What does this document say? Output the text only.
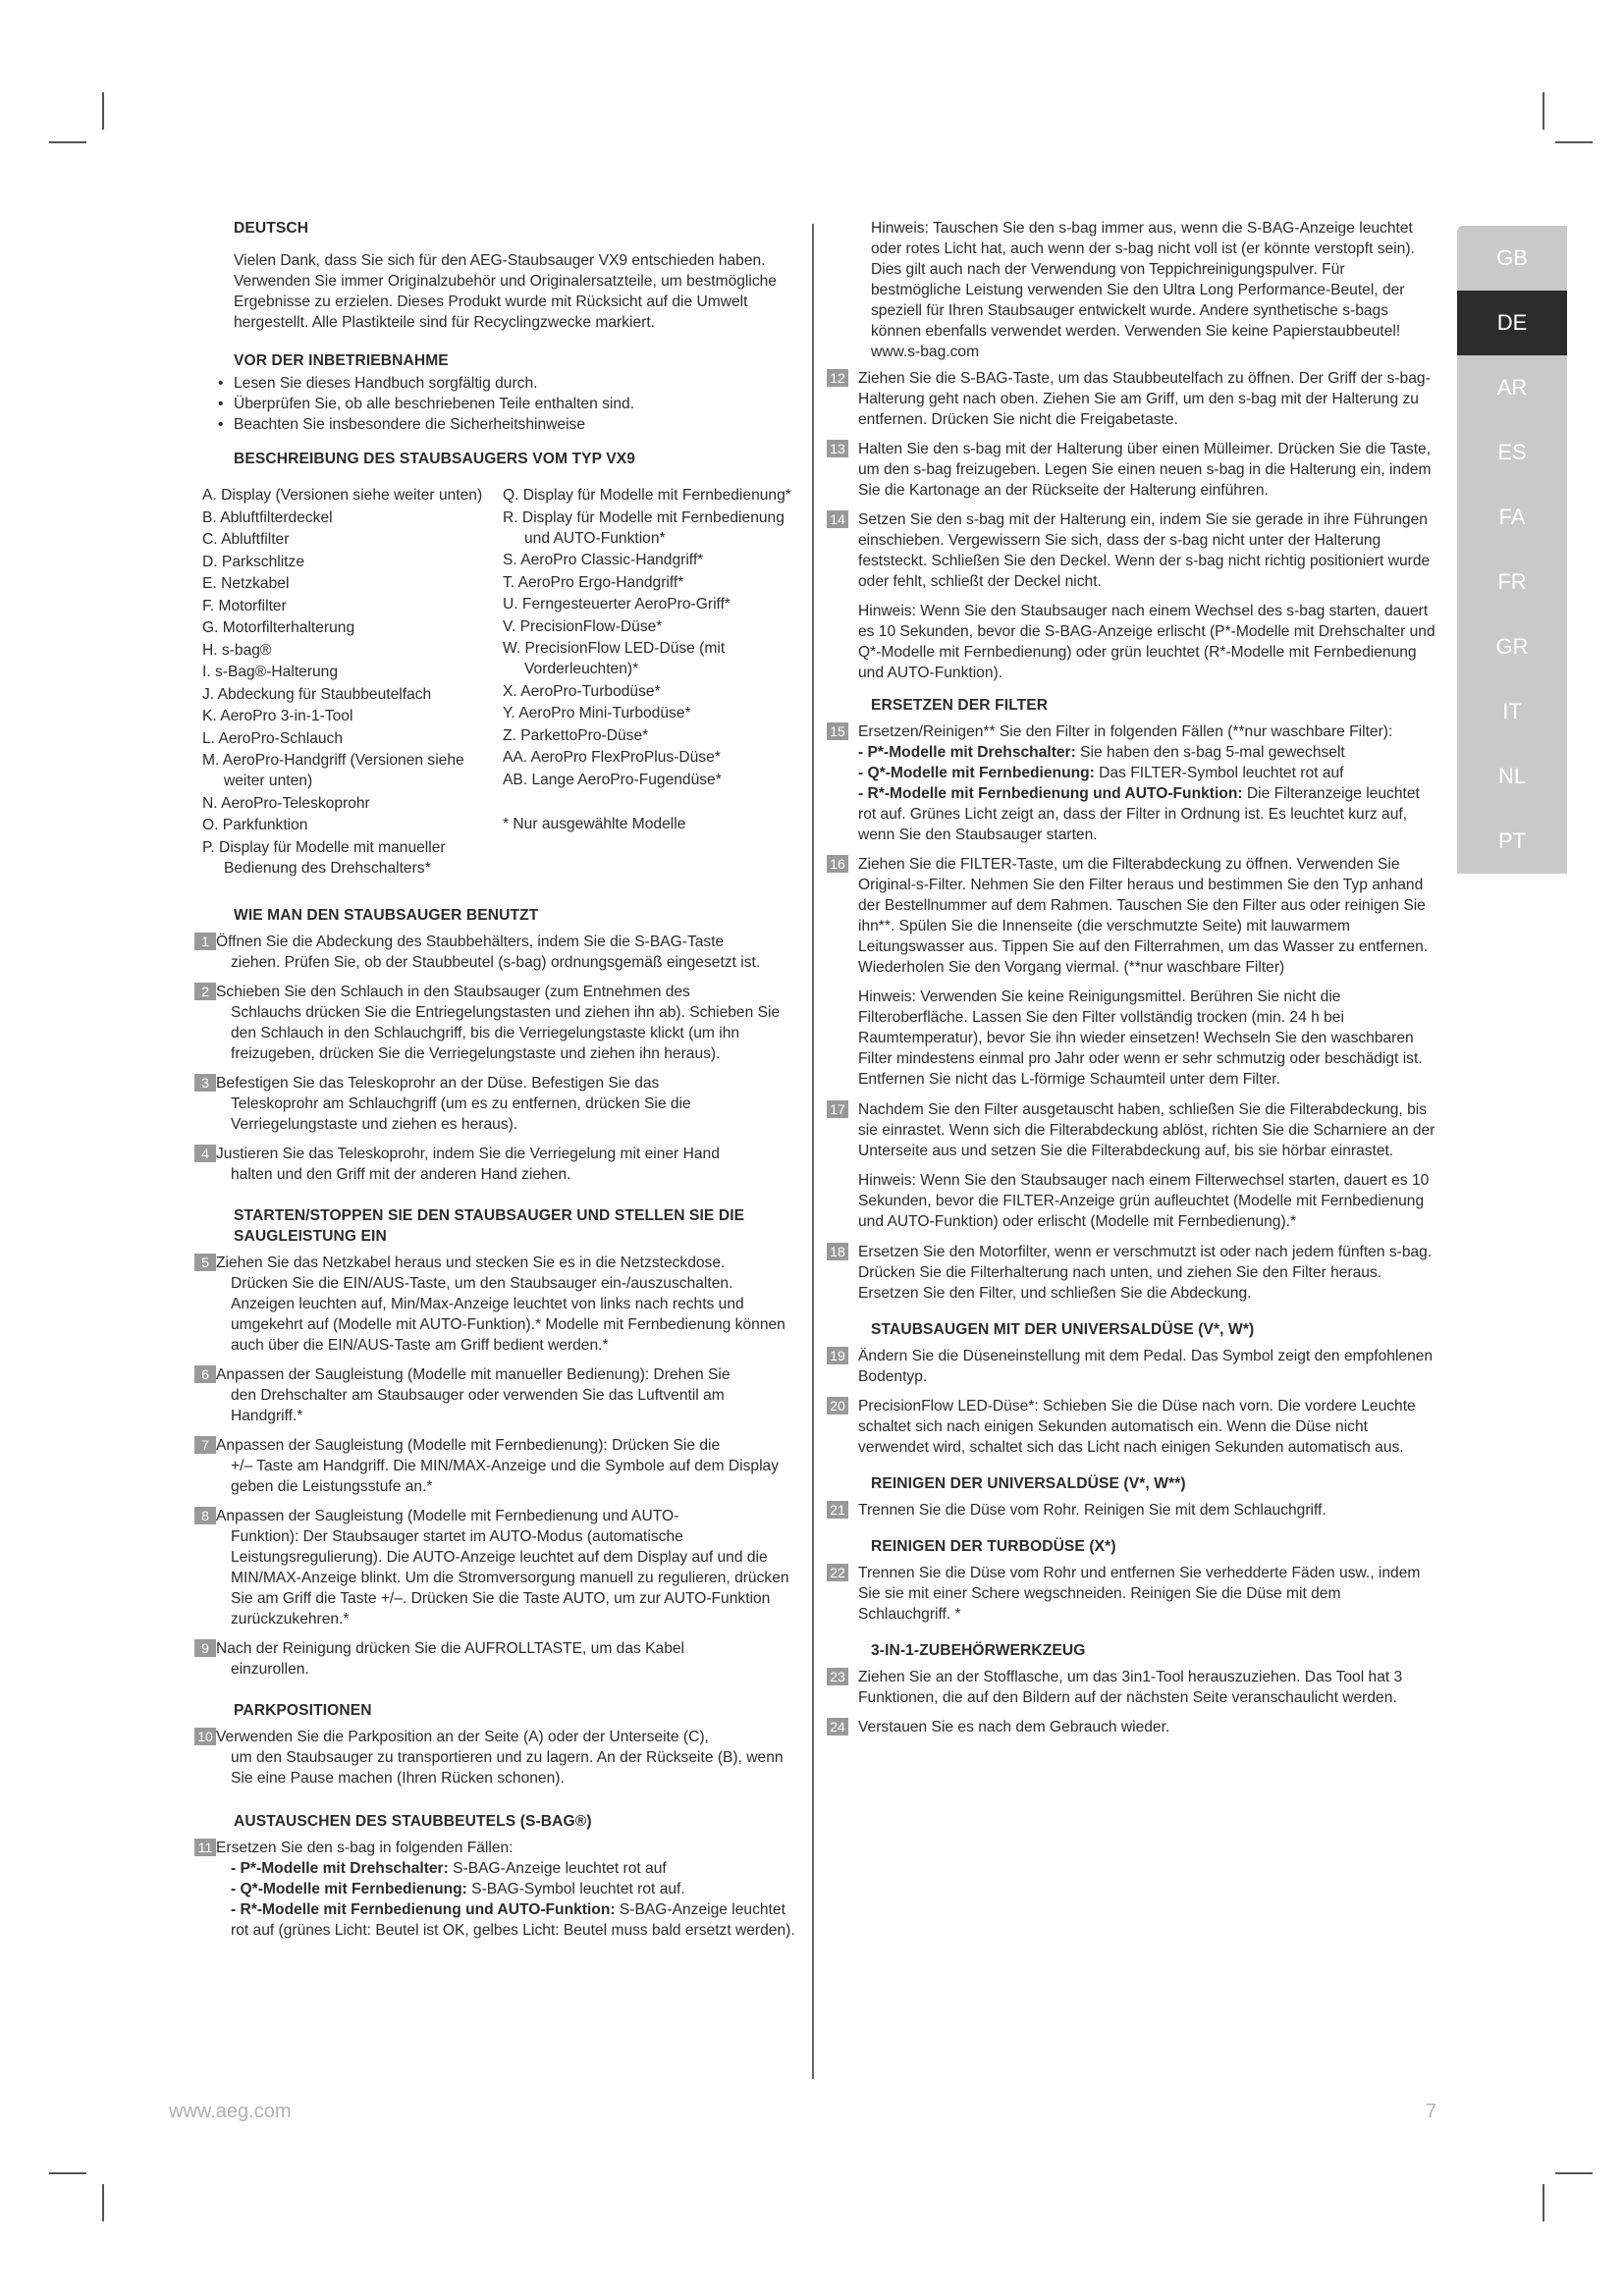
DEUTSCH
Vielen Dank, dass Sie sich für den AEG-Staubsauger VX9 entschieden haben. Verwenden Sie immer Originalzubehör und Originalersatzteile, um bestmögliche Ergebnisse zu erzielen. Dieses Produkt wurde mit Rücksicht auf die Umwelt hergestellt. Alle Plastikteile sind für Recyclingzwecke markiert.
VOR DER INBETRIEBNAHME
• Lesen Sie dieses Handbuch sorgfältig durch.
• Überprüfen Sie, ob alle beschriebenen Teile enthalten sind.
• Beachten Sie insbesondere die Sicherheitshinweise
BESCHREIBUNG DES STAUBSAUGERS VOM TYP VX9
A. Display (Versionen siehe weiter unten)
B. Abluftfilterdeckel
C. Abluftfilter
D. Parkschlitze
E. Netzkabel
F. Motorfilter
G. Motorfilterhalterung
H. s-bag®
I. s-Bag®-Halterung
J. Abdeckung für Staubbeutelfach
K. AeroPro 3-in-1-Tool
L. AeroPro-Schlauch
M. AeroPro-Handgriff (Versionen siehe weiter unten)
N. AeroPro-Teleskoprohr
O. Parkfunktion
P. Display für Modelle mit manueller Bedienung des Drehschalters*
Q. Display für Modelle mit Fernbedienung*
R. Display für Modelle mit Fernbedienung und AUTO-Funktion*
S. AeroPro Classic-Handgriff*
T. AeroPro Ergo-Handgriff*
U. Ferngesteuerter AeroPro-Griff*
V. PrecisionFlow-Düse*
W. PrecisionFlow LED-Düse (mit Vorderleuchten)*
X. AeroPro-Turbodüse*
Y. AeroPro Mini-Turbodüse*
Z. ParkettoPro-Düse*
AA. AeroPro FlexProPlus-Düse*
AB. Lange AeroPro-Fugendüse*
* Nur ausgewählte Modelle
WIE MAN DEN STAUBSAUGER BENUTZT
1 Öffnen Sie die Abdeckung des Staubbehälters, indem Sie die S-BAG-Taste
ziehen. Prüfen Sie, ob der Staubbeutel (s-bag) ordnungsgemäß eingesetzt ist.
2 Schieben Sie den Schlauch in den Staubsauger (zum Entnehmen des
Schlauchs drücken Sie die Entriegelungstasten und ziehen ihn ab). Schieben Sie den Schlauch in den Schlauchgriff, bis die Verriegelungstaste klickt (um ihn freizugeben, drücken Sie die Verriegelungstaste und ziehen ihn heraus).
3 Befestigen Sie das Teleskoprohr an der Düse. Befestigen Sie das
Teleskoprohr am Schlauchgriff (um es zu entfernen, drücken Sie die Verriegelungstaste und ziehen es heraus).
4 Justieren Sie das Teleskoprohr, indem Sie die Verriegelung mit einer Hand
halten und den Griff mit der anderen Hand ziehen.
STARTEN/STOPPEN SIE DEN STAUBSAUGER UND STELLEN SIE DIE SAUGLEISTUNG EIN
5 Ziehen Sie das Netzkabel heraus und stecken Sie es in die Netzsteckdose.
Drücken Sie die EIN/AUS-Taste, um den Staubsauger ein-/auszuschalten. Anzeigen leuchten auf, Min/Max-Anzeige leuchtet von links nach rechts und umgekehrt auf (Modelle mit AUTO-Funktion).* Modelle mit Fernbedienung können auch über die EIN/AUS-Taste am Griff bedient werden.*
6 Anpassen der Saugleistung (Modelle mit manueller Bedienung): Drehen Sie
den Drehschalter am Staubsauger oder verwenden Sie das Luftventil am Handgriff.*
7 Anpassen der Saugleistung (Modelle mit Fernbedienung): Drücken Sie die
+/– Taste am Handgriff. Die MIN/MAX-Anzeige und die Symbole auf dem Display geben die Leistungsstufe an.*
8 Anpassen der Saugleistung (Modelle mit Fernbedienung und AUTO-
Funktion): Der Staubsauger startet im AUTO-Modus (automatische Leistungsregulierung). Die AUTO-Anzeige leuchtet auf dem Display auf und die MIN/MAX-Anzeige blinkt. Um die Stromversorgung manuell zu regulieren, drücken Sie am Griff die Taste +/–. Drücken Sie die Taste AUTO, um zur AUTO-Funktion zurückzukehren.*
9 Nach der Reinigung drücken Sie die AUFROLLTASTE, um das Kabel
einzurollen.
PARKPOSITIONEN
10 Verwenden Sie die Parkposition an der Seite (A) oder der Unterseite (C),
um den Staubsauger zu transportieren und zu lagern. An der Rückseite (B), wenn Sie eine Pause machen (Ihren Rücken schonen).
AUSTAUSCHEN DES STAUBBEUTELS (S-BAG®)
11 Ersetzen Sie den s-bag in folgenden Fällen:
- P*-Modelle mit Drehschalter: S-BAG-Anzeige leuchtet rot auf
- Q*-Modelle mit Fernbedienung: S-BAG-Symbol leuchtet rot auf.
- R*-Modelle mit Fernbedienung und AUTO-Funktion: S-BAG-Anzeige leuchtet rot auf (grünes Licht: Beutel ist OK, gelbes Licht: Beutel muss bald ersetzt werden).
Hinweis: Tauschen Sie den s-bag immer aus, wenn die S-BAG-Anzeige leuchtet oder rotes Licht hat, auch wenn der s-bag nicht voll ist (er könnte verstopft sein). Dies gilt auch nach der Verwendung von Teppichreinigungspulver. Für bestmögliche Leistung verwenden Sie den Ultra Long Performance-Beutel, der speziell für Ihren Staubsauger entwickelt wurde. Andere synthetische s-bags können ebenfalls verwendet werden. Verwenden Sie keine Papierstaubbeutel! www.s-bag.com
12 Ziehen Sie die S-BAG-Taste, um das Staubbeutelfach zu öffnen. Der Griff der s-bag-Halterung geht nach oben. Ziehen Sie am Griff, um den s-bag mit der Halterung zu entfernen. Drücken Sie nicht die Freigabetaste.
13 Halten Sie den s-bag mit der Halterung über einen Mülleimer. Drücken Sie die Taste, um den s-bag freizugeben. Legen Sie einen neuen s-bag in die Halterung ein, indem Sie die Kartonage an der Rückseite der Halterung einführen.
14 Setzen Sie den s-bag mit der Halterung ein, indem Sie sie gerade in ihre Führungen einschieben. Vergewissern Sie sich, dass der s-bag nicht unter der Halterung feststeckt. Schließen Sie den Deckel. Wenn der s-bag nicht richtig positioniert wurde oder fehlt, schließt der Deckel nicht.
Hinweis: Wenn Sie den Staubsauger nach einem Wechsel des s-bag starten, dauert es 10 Sekunden, bevor die S-BAG-Anzeige erlischt (P*-Modelle mit Drehschalter und Q*-Modelle mit Fernbedienung) oder grün leuchtet (R*-Modelle mit Fernbedienung und AUTO-Funktion).
ERSETZEN DER FILTER
15 Ersetzen/Reinigen** Sie den Filter in folgenden Fällen (**nur waschbare Filter):
- P*-Modelle mit Drehschalter: Sie haben den s-bag 5-mal gewechselt
- Q*-Modelle mit Fernbedienung: Das FILTER-Symbol leuchtet rot auf
- R*-Modelle mit Fernbedienung und AUTO-Funktion: Die Filteranzeige leuchtet rot auf. Grünes Licht zeigt an, dass der Filter in Ordnung ist. Es leuchtet kurz auf, wenn Sie den Staubsauger starten.
16 Ziehen Sie die FILTER-Taste, um die Filterabdeckung zu öffnen. Verwenden Sie Original-s-Filter. Nehmen Sie den Filter heraus und bestimmen Sie den Typ anhand der Bestellnummer auf dem Rahmen. Tauschen Sie den Filter aus oder reinigen Sie ihn**. Spülen Sie die Innenseite (die verschmutzte Seite) mit lauwarmem Leitungswasser aus. Tippen Sie auf den Filterrahmen, um das Wasser zu entfernen. Wiederholen Sie den Vorgang viermal. (**nur waschbare Filter)
Hinweis: Verwenden Sie keine Reinigungsmittel. Berühren Sie nicht die Filteroberfläche. Lassen Sie den Filter vollständig trocken (min. 24 h bei Raumtemperatur), bevor Sie ihn wieder einsetzen! Wechseln Sie den waschbaren Filter mindestens einmal pro Jahr oder wenn er sehr schmutzig oder beschädigt ist. Entfernen Sie nicht das L-förmige Schaumteil unter dem Filter.
17 Nachdem Sie den Filter ausgetauscht haben, schließen Sie die Filterabdeckung, bis sie einrastet. Wenn sich die Filterabdeckung ablöst, richten Sie die Scharniere an der Unterseite aus und setzen Sie die Filterabdeckung auf, bis sie hörbar einrastet.
Hinweis: Wenn Sie den Staubsauger nach einem Filterwechsel starten, dauert es 10 Sekunden, bevor die FILTER-Anzeige grün aufleuchtet (Modelle mit Fernbedienung und AUTO-Funktion) oder erlischt (Modelle mit Fernbedienung).*
18 Ersetzen Sie den Motorfilter, wenn er verschmutzt ist oder nach jedem fünften s-bag. Drücken Sie die Filterhalterung nach unten, und ziehen Sie den Filter heraus. Ersetzen Sie den Filter, und schließen Sie die Abdeckung.
STAUBSAUGEN MIT DER UNIVERSALDÜSE (V*, W*)
19 Ändern Sie die Düseneinstellung mit dem Pedal. Das Symbol zeigt den empfohlenen Bodentyp.
20 PrecisionFlow LED-Düse*: Schieben Sie die Düse nach vorn. Die vordere Leuchte schaltet sich nach einigen Sekunden automatisch ein. Wenn die Düse nicht verwendet wird, schaltet sich das Licht nach einigen Sekunden automatisch aus.
REINIGEN DER UNIVERSALDÜSE (V*, W**)
21 Trennen Sie die Düse vom Rohr. Reinigen Sie mit dem Schlauchgriff.
REINIGEN DER TURBODÜSE (X*)
22 Trennen Sie die Düse vom Rohr und entfernen Sie verhedderte Fäden usw., indem Sie sie mit einer Schere wegschneiden. Reinigen Sie die Düse mit dem Schlauchgriff. *
3-IN-1-ZUBEHÖRWERKZEUG
23 Ziehen Sie an der Stofflasche, um das 3in1-Tool herauszuziehen. Das Tool hat 3 Funktionen, die auf den Bildern auf der nächsten Seite veranschaulicht werden.
24 Verstauen Sie es nach dem Gebrauch wieder.
GB
DE
AR
ES
FA
FR
GR
IT
NL
PT
www.aeg.com	7
